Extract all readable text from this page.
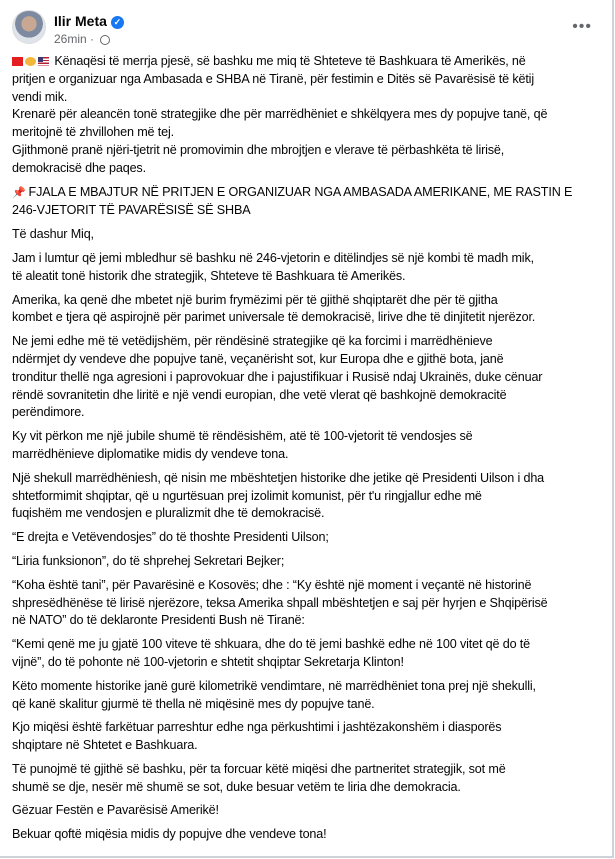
Ilir Meta ✓
26min ·
•••
Kënaqësi të merrja pjesë, së bashku me miq të Shteteve të Bashkuara të Amerikës, në
pritjen e organizuar nga Ambasada e SHBA në Tiranë, për festimin e Ditës së Pavarësisë të këtij
vendi mik.
Krenarë për aleancën tonë strategjike dhe për marrëdhëniet e shkëlqyera mes dy popujve tanë, që
meritojnë të zhvillohen më tej.
Gjithmonë pranë njëri-tjetrit në promovimin dhe mbrojtjen e vlerave të përbashkëta të lirisë,
demokracisë dhe paqes.
📌 FJALA E MBAJTUR NË PRITJEN E ORGANIZUAR NGA AMBASADA AMERIKANE, ME RASTIN E
246-VJETORIT TË PAVARËSISË SË SHBA
Të dashur Miq,
Jam i lumtur që jemi mbledhur së bashku në 246-vjetorin e ditëlindjes së një kombi të madh mik,
të aleatit tonë historik dhe strategjik, Shteteve të Bashkuara të Amerikës.
Amerika, ka qenë dhe mbetet një burim frymëzimi për të gjithë shqiptarët dhe për të gjitha
kombet e tjera që aspirojnë për parimet universale të demokracisë, lirive dhe të dinjitetit njerëzor.
Ne jemi edhe më të vetëdijshëm, për rëndësinë strategjike që ka forcimi i marrëdhënieve
ndërmjet dy vendeve dhe popujve tanë, veçanërisht sot, kur Europa dhe e gjithë bota, janë
tronditur thellë nga agresioni i paprovokuar dhe i pajustifikuar i Rusisë ndaj Ukrainës, duke cënuar
rëndë sovranitetin dhe liritë e një vendi europian, dhe vetë vlerat që bashkojnë demokracitë
perëndimore.
Ky vit përkon me një jubile shumë të rëndësishëm, atë të 100-vjetorit të vendosjes së
marrëdhënieve diplomatike midis dy vendeve tona.
Një shekull marrëdhëniesh, që nisin me mbështetjen historike dhe jetike që Presidenti Uilson i dha
shtetformimit shqiptar, që u ngurtësuan prej izolimit komunist, për t'u ringjallur edhe më
fuqishëm me vendosjen e pluralizmit dhe të demokracisë.
“E drejta e Vetëvendosjes” do të thoshte Presidenti Uilson;
“Liria funksionon”, do të shprehej Sekretari Bejker;
“Koha është tani”, për Pavarësinë e Kosovës; dhe : “Ky është një moment i veçantë në historinë
shpresëdhënëse të lirisë njerëzore, teksa Amerika shpall mbështetjen e saj për hyrjen e Shqipërisë
në NATO” do të deklaronte Presidenti Bush në Tiranë:
“Kemi qenë me ju gjatë 100 viteve të shkuara, dhe do të jemi bashkë edhe në 100 vitet që do të
vijnë”, do të pohonte në 100-vjetorin e shtetit shqiptar Sekretarja Klinton!
Këto momente historike janë gurë kilometrikë vendimtare, në marrëdhëniet tona prej një shekulli,
që kanë skalitur gjurmë të thella në miqësinë mes dy popujve tanë.
Kjo miqësi është farkëtuar parreshtur edhe nga përkushtimi i jashtëzakonshëm i diasporës
shqiptare në Shtetet e Bashkuara.
Të punojmë të gjithë së bashku, për ta forcuar këtë miqësi dhe partneritet strategjik, sot më
shumë se dje, nesër më shumë se sot, duke besuar vetëm te liria dhe demokracia.
Gëzuar Festën e Pavarësisë Amerikë!
Bekuar qoftë miqësia midis dy popujve dhe vendeve tona!
